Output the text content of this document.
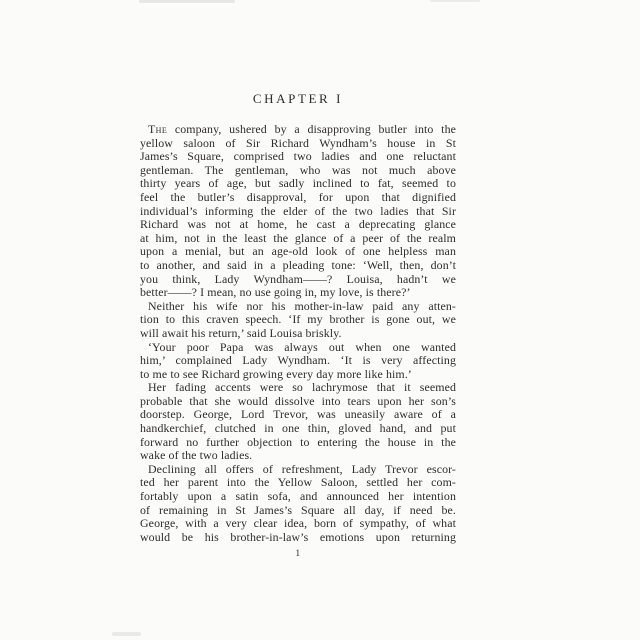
CHAPTER I
The company, ushered by a disapproving butler into the
yellow saloon of Sir Richard Wyndham’s house in St
James’s Square, comprised two ladies and one reluctant
gentleman. The gentleman, who was not much above
thirty years of age, but sadly inclined to fat, seemed to
feel the butler’s disapproval, for upon that dignified
individual’s informing the elder of the two ladies that Sir
Richard was not at home, he cast a deprecating glance
at him, not in the least the glance of a peer of the realm
upon a menial, but an age-old look of one helpless man
to another, and said in a pleading tone: ‘Well, then, don’t
you think, Lady Wyndham——? Louisa, hadn’t we
better——? I mean, no use going in, my love, is there?’
Neither his wife nor his mother-in-law paid any atten-
tion to this craven speech. ‘If my brother is gone out, we
will await his return,’ said Louisa briskly.
‘Your poor Papa was always out when one wanted
him,’ complained Lady Wyndham. ‘It is very affecting
to me to see Richard growing every day more like him.’
Her fading accents were so lachrymose that it seemed
probable that she would dissolve into tears upon her son’s
doorstep. George, Lord Trevor, was uneasily aware of a
handkerchief, clutched in one thin, gloved hand, and put
forward no further objection to entering the house in the
wake of the two ladies.
Declining all offers of refreshment, Lady Trevor escor-
ted her parent into the Yellow Saloon, settled her com-
fortably upon a satin sofa, and announced her intention
of remaining in St James’s Square all day, if need be.
George, with a very clear idea, born of sympathy, of what
would be his brother-in-law’s emotions upon returning
1
